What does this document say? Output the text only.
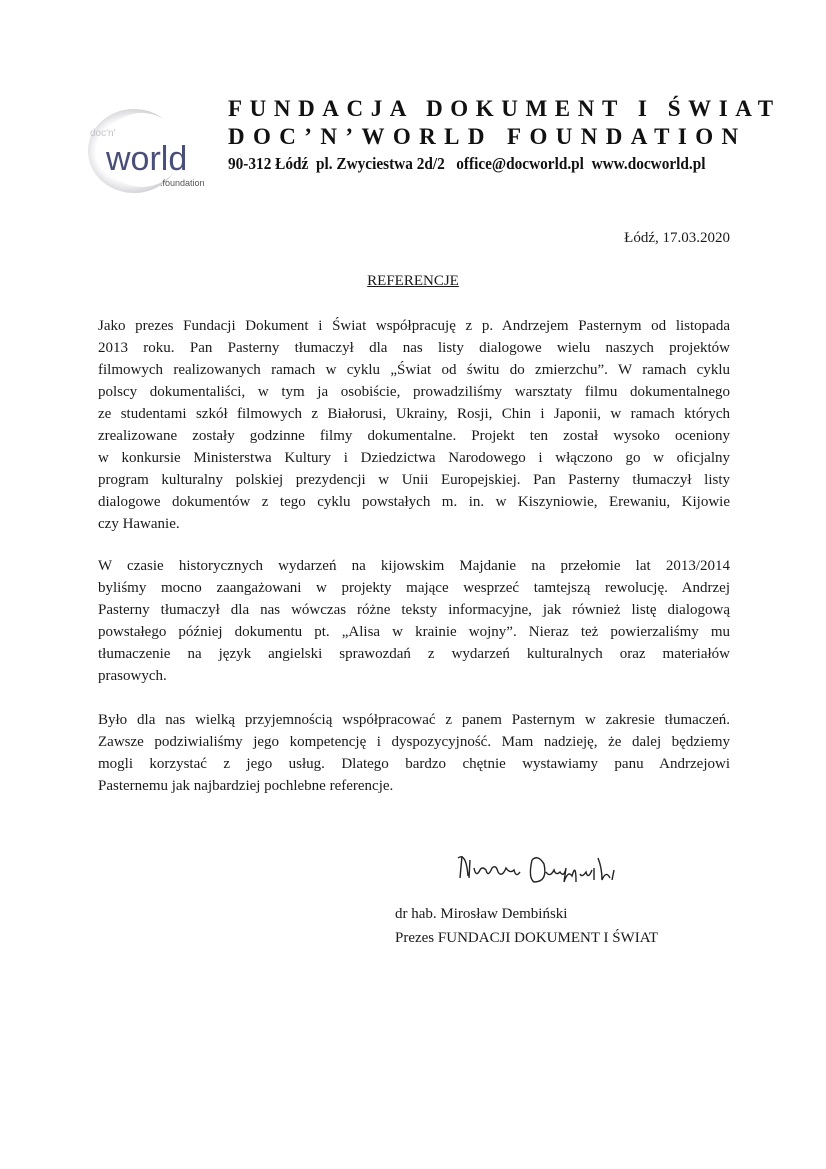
doc'n'
world
.foundation
FUNDACJA DOKUMENT I ŚWIAT
DOC’N’WORLD FOUNDATION
90-312 Łódź  pl. Zwyciestwa 2d/2   office@docworld.pl  www.docworld.pl
Łódź, 17.03.2020
REFERENCJE
Jako prezes Fundacji Dokument i Świat współpracuję z p. Andrzejem Pasternym od listopada
2013 roku. Pan Pasterny tłumaczył dla nas listy dialogowe wielu naszych projektów
filmowych realizowanych ramach w cyklu „Świat od świtu do zmierzchu”. W ramach cyklu
polscy dokumentaliści, w tym ja osobiście, prowadziliśmy warsztaty filmu dokumentalnego
ze studentami szkół filmowych z Białorusi, Ukrainy, Rosji, Chin i Japonii, w ramach których
zrealizowane zostały godzinne filmy dokumentalne. Projekt ten został wysoko oceniony
w konkursie Ministerstwa Kultury i Dziedzictwa Narodowego i włączono go w oficjalny
program kulturalny polskiej prezydencji w Unii Europejskiej. Pan Pasterny tłumaczył listy
dialogowe dokumentów z tego cyklu powstałych m. in. w Kiszyniowie, Erewaniu, Kijowie
czy Hawanie.
W czasie historycznych wydarzeń na kijowskim Majdanie na przełomie lat 2013/2014
byliśmy mocno zaangażowani w projekty mające wesprzeć tamtejszą rewolucję. Andrzej
Pasterny tłumaczył dla nas wówczas różne teksty informacyjne, jak również listę dialogową
powstałego później dokumentu pt. „Alisa w krainie wojny”. Nieraz też powierzaliśmy mu
tłumaczenie na język angielski sprawozdań z wydarzeń kulturalnych oraz materiałów
prasowych.
Było dla nas wielką przyjemnością współpracować z panem Pasternym w zakresie tłumaczeń.
Zawsze podziwialiśmy jego kompetencję i dyspozycyjność. Mam nadzieję, że dalej będziemy
mogli korzystać z jego usług. Dlatego bardzo chętnie wystawiamy panu Andrzejowi
Pasternemu jak najbardziej pochlebne referencje.
dr hab. Mirosław Dembiński
Prezes FUNDACJI DOKUMENT I ŚWIAT
